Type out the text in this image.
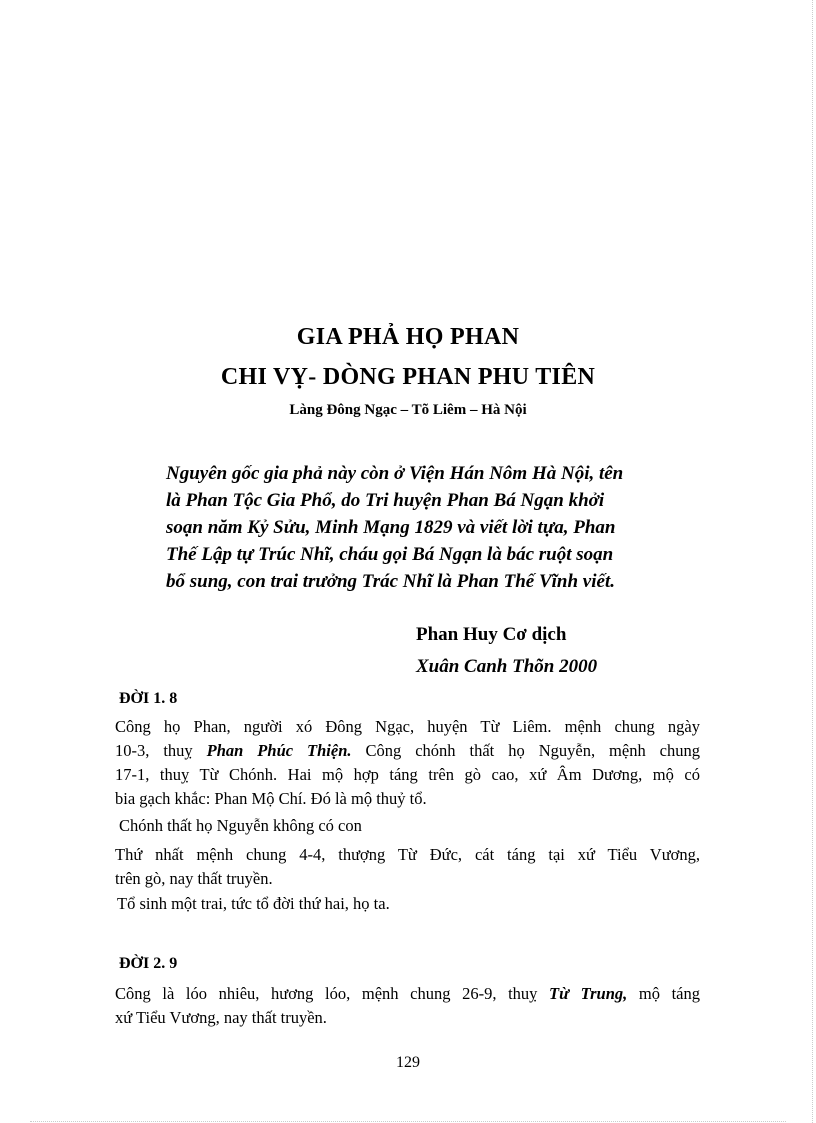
GIA PHẢ HỌ PHAN
CHI VỴ- DÒNG PHAN PHU TIÊN
Làng Đông Ngạc – Tõ Liêm – Hà Nội
Nguyên gốc gia phả này còn ở Viện Hán Nôm Hà Nội, tên
là Phan Tộc Gia Phổ, do Tri huyện Phan Bá Ngạn khởi
soạn năm Kỷ Sửu, Minh Mạng 1829 và viết lời tựa, Phan
Thế Lập tự Trúc Nhĩ, cháu gọi Bá Ngạn là bác ruột soạn
bổ sung, con trai trưởng Trác Nhĩ là Phan Thế Vĩnh viết.
Phan Huy Cơ dịch
Xuân Canh Thõn 2000
ĐỜI 1. 8
Công họ Phan, người xó Đông Ngạc, huyện Từ Liêm. mệnh chung ngày
10-3, thuỵ Phan Phúc Thiện. Công chónh thất họ Nguyễn, mệnh chung
17-1, thuỵ Từ Chónh. Hai mộ hợp táng trên gò cao, xứ Âm Dương, mộ có
bia gạch khắc: Phan Mộ Chí. Đó là mộ thuỷ tổ.
Chónh thất họ Nguyễn không có con
Thứ nhất mệnh chung 4-4, thượng Từ Đức, cát táng tại xứ Tiểu Vương,
trên gò, nay thất truyền.
Tổ sinh một trai, tức tổ đời thứ hai, họ ta.
ĐỜI 2. 9
Công là lóo nhiêu, hương lóo, mệnh chung 26-9, thuỵ Từ Trung, mộ táng
xứ Tiểu Vương, nay thất truyền.
129
